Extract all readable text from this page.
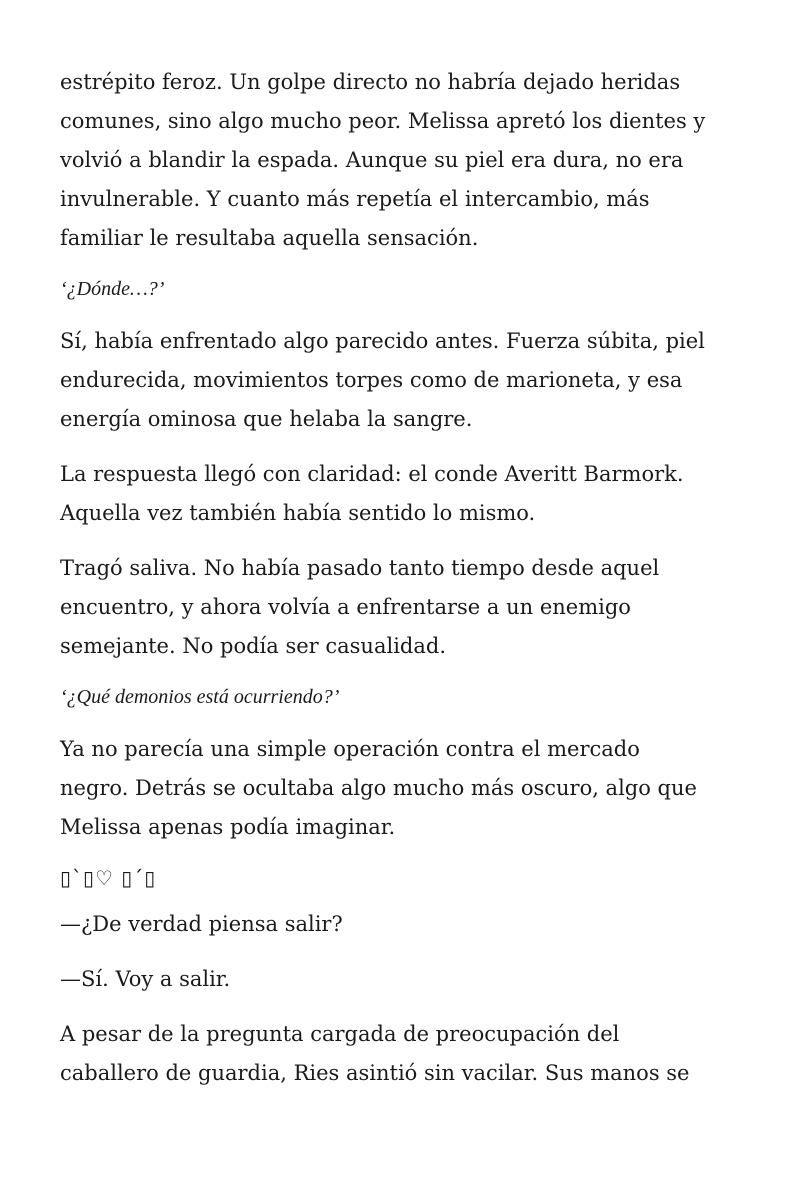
estrépito feroz. Un golpe directo no habría dejado heridas
comunes, sino algo mucho peor. Melissa apretó los dientes y
volvió a blandir la espada. Aunque su piel era dura, no era
invulnerable. Y cuanto más repetía el intercambio, más
familiar le resultaba aquella sensación.

‘¿Dónde…?’

Sí, había enfrentado algo parecido antes. Fuerza súbita, piel
endurecida, movimientos torpes como de marioneta, y esa
energía ominosa que helaba la sangre.

La respuesta llegó con claridad: el conde Averitt Barmork.
Aquella vez también había sentido lo mismo.

Tragó saliva. No había pasado tanto tiempo desde aquel
encuentro, y ahora volvía a enfrentarse a un enemigo
semejante. No podía ser casualidad.

‘¿Qué demonios está ocurriendo?’

Ya no parecía una simple operación contra el mercado
negro. Detrás se ocultaba algo mucho más oscuro, algo que
Melissa apenas podía imaginar.

▯`▯♡ ▯´▯

—¿De verdad piensa salir?

—Sí. Voy a salir.

A pesar de la pregunta cargada de preocupación del
caballero de guardia, Ries asintió sin vacilar. Sus manos se
